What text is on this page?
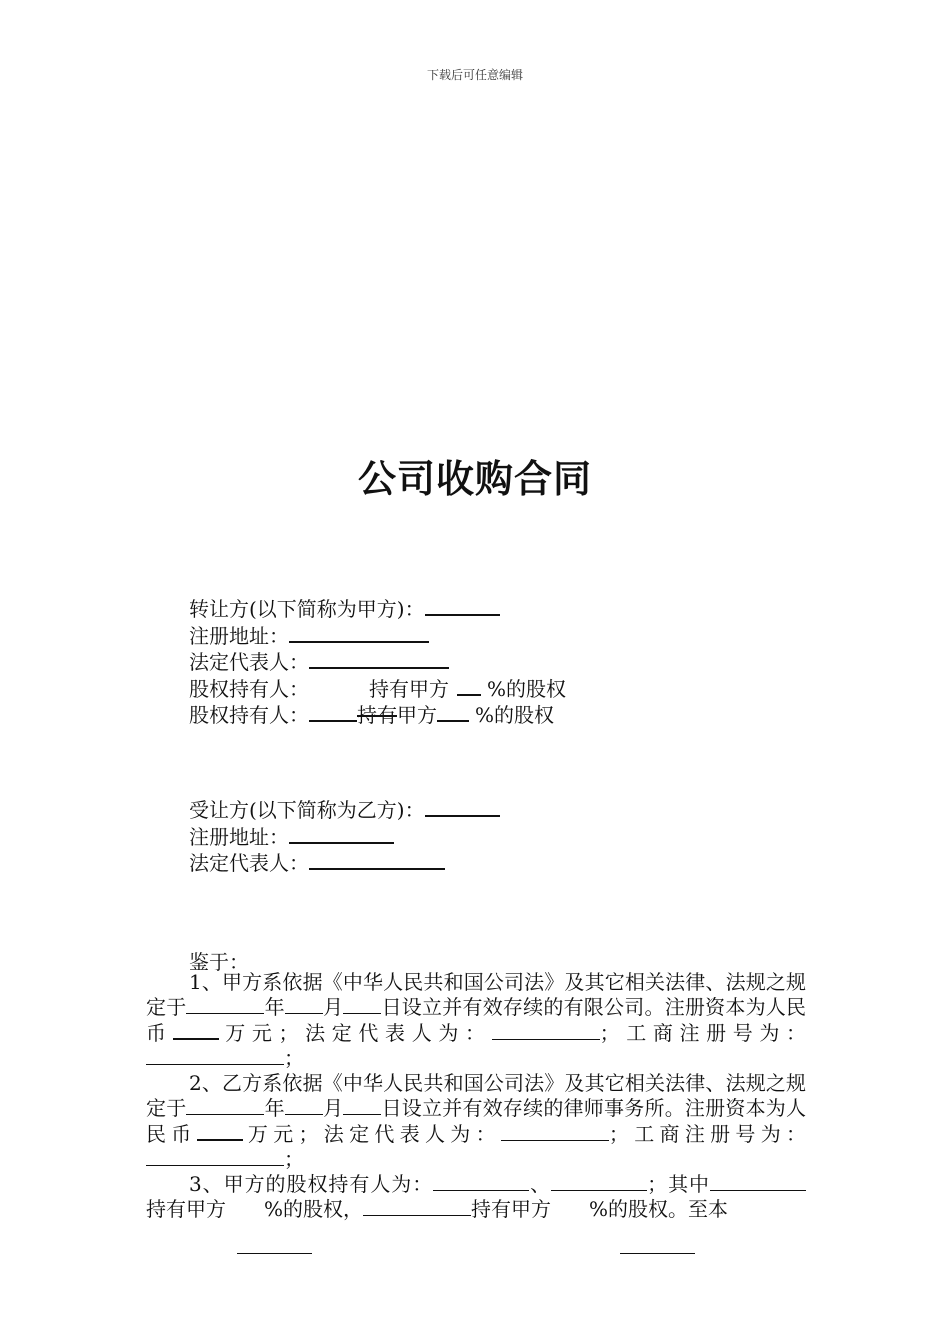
下载后可任意编辑
公司收购合同
转让方(以下简称为甲方)：
注册地址：
法定代表人：
股权持有人：	持有甲方 %的股权
股权持有人： 持有甲方 %的股权
受让方(以下简称为乙方)：
注册地址：
法定代表人：
鉴于：

1、甲方系依据《中华人民共和国公司法》及其它相关法律、法规之规定于	年 月 日设立并有效存续的有限公司。注册资本为人民币 万元；法定代表人为：	；工商注册号为：；

2、乙方系依据《中华人民共和国公司法》及其它相关法律、法规之规定于	年 月 日设立并有效存续的律师事务所。注册资本为人民币 万元；法定代表人为：	；工商注册号为：；

3、甲方的股权持有人为：	、	；其中持有甲方 %的股权，	持有甲方 %的股权。至本
